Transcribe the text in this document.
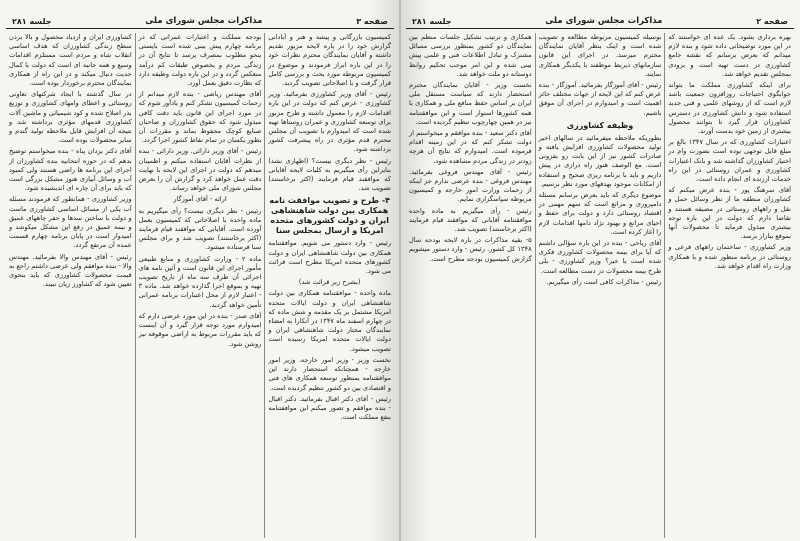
صفحه ۳
مذاکرات مجلس شورای ملی
جلسه ۲۸۱

کمیسیون بازرگانی و پیشه و هنر و آبادانی گزارش خود را در باره لایحه مزبور تقدیم داشته و آقایان نمایندگان محترم نظرات خود را در این باره ابراز فرمودند و موضوع در کمیسیون مربوطه مورد بحث و بررسی کامل قرار گرفت و با اصلاحاتی تصویب گردید.

رئیس - آقای وزیر کشاورزی بفرمائید. وزیر کشاورزی - عرض کنم که دولت در این باره اقدامات لازم را معمول داشته و طرح مزبور برای توسعه کشاورزی و عمران روستاها تهیه شده است که امیدوارم با تصویب آن مجلس محترم قدم مؤثری در راه پیشرفت کشور برداشته شود.

رئیس - نظر دیگری نیست؟ (اظهاری نشد) بنابراین رأی میگیریم به کلیات لایحه آقایانی که موافقند قیام فرمایند (اکثر برخاستند) تصویب شد.

۴- طرح و تصویب موافقت نامه همکاری بین دولت شاهنشاهی ایران و دولت کشورهای متحده امریکا و ارسال بمجلس سنا

رئیس - وارد دستور می شویم. موافقتنامه همکاری بین دولت شاهنشاهی ایران و دولت کشورهای متحده امریکا مطرح است قرائت می شود.

(بشرح زیر قرائت شد)

ماده واحده - موافقتنامه همکاری بین دولت شاهنشاهی ایران و دولت ایالات متحده امریکا مشتمل بر یک مقدمه و شش ماده که در چهارم اسفند ماه ۱۳۴۷ در آنکارا به امضاء نمایندگان مختار دولت شاهنشاهی ایران و دولت ایالات متحده امریکا رسیده است تصویب میشود.

نخست وزیر - وزیر امور خارجه. وزیر امور خارجه - همچنانکه استحضار دارند این موافقتنامه بمنظور توسعه همکاری های فنی و اقتصادی بین دو کشور تنظیم گردیده است.

رئیس - آقای دکتر اقبال بفرمائید. دکتر اقبال - بنده موافقم و تصور میکنم این موافقتنامه بنفع مملکت است.

بودجه مملکت و اعتبارات عمرانی که در برنامه چهارم پیش بینی شده است بایستی بنحو مطلوب بمصرف برسد تا نتایج آن در زندگی مردم و بخصوص طبقات کم درآمد منعکس گردد و در این باره دولت وظیفه دارد که نظارت دقیق بعمل آورد.

آقای مهندس ریاضی - بنده لازم میدانم از زحمات کمیسیون تشکر کنم و یادآور شوم که در مورد اجرای این قانون باید دقت کافی مبذول شود که حقوق کشاورزان و صاحبان صنایع کوچک محفوظ بماند و مقررات آن بطور یکسان در تمام نقاط کشور اجرا گردد.

رئیس - آقای وزیر دارائی. وزیر دارائی - بنده از نظرات آقایان استفاده میکنم و اطمینان میدهم که دولت در اجرای این لایحه با نهایت دقت عمل خواهد کرد و گزارش آن را بعرض مجلس شورای ملی خواهد رساند.

ارائه - آقای آموزگار

رئیس - نظر دیگری نیست؟ رأی میگیریم به ماده واحده با اصلاحاتی که کمیسیون بعمل آورده است. آقایانی که موافقند قیام فرمایند (اکثر برخاستند) تصویب شد و برای مجلس سنا فرستاده میشود.

ماده ۲ - وزارت کشاورزی و منابع طبیعی مأمور اجرای این قانون است و آئین نامه های اجرائی آن ظرف سه ماه از تاریخ تصویب تهیه و بموقع اجرا گذارده خواهد شد. ماده ۳ - اعتبار لازم از محل اعتبارات برنامه عمرانی تأمین خواهد گردید.

آقای صدر - بنده در این مورد عرضی دارم که امیدوارم مورد توجه قرار گیرد و آن اینست که باید مقررات مربوط به اراضی موقوفه نیز روشن شود.

کشاورزی ایران و ازدیاد محصول و بالا بردن سطح زندگی کشاورزان که هدف اساسی انقلاب شاه و مردم است مستلزم اقدامات وسیع و همه جانبه ای است که دولت با کمال جدیت دنبال میکند و در این راه از همکاری نمایندگان محترم برخوردار بوده است.

در سال گذشته با ایجاد شرکتهای تعاونی روستائی و اعطای وامهای کشاورزی و توزیع بذر اصلاح شده و کود شیمیائی و ماشین آلات کشاورزی قدمهای مؤثری برداشته شد و نتیجه آن افزایش قابل ملاحظه تولید گندم و سایر محصولات بوده است.

آقای دکتر یزدان پناه - بنده میخواستم توضیح بدهم که در حوزه انتخابیه بنده کشاورزان از اجرای این برنامه ها راضی هستند ولی کمبود آب و وسائل آبیاری هنوز مشکل بزرگی است که باید برای آن چاره ای اندیشیده شود.

وزیر کشاورزی - همانطور که فرمودند مسئله آب یکی از مسائل اساسی کشاورزی ماست و دولت با ساختن سدها و حفر چاههای عمیق و نیمه عمیق در رفع این مشکل میکوشد و امیدوار است در پایان برنامه چهارم قسمت عمده آن مرتفع گردد.

رئیس - آقای مهندس والا بفرمائید. مهندس والا - بنده موافقم ولی عرضی داشتم راجع به قیمت محصولات کشاورزی که باید بنحوی تعیین شود که کشاورز زیان نبیند.

صفحه ۲
مذاکرات مجلس شورای ملی
جلسه ۲۸۱

بهره برداری بشود. یک عده ای خواستند که در این مورد توضیحاتی داده شود و بنده لازم میدانم که بعرض برسانم که نقشه جامع کشاورزی در دست تهیه است و بزودی بمجلس تقدیم خواهد شد.

برای اینکه کشاورزی مملکت ما بتواند جوابگوی احتیاجات روزافزون جمعیت باشد لازم است که از روشهای علمی و فنی جدید استفاده شود و دانش کشاورزی در دسترس کشاورزان قرار گیرد تا بتوانند محصول بیشتری از زمین خود بدست آورند.

اعتبارات کشاورزی که در سال ۱۳۴۷ بالغ بر مبلغ قابل توجهی بوده است بصورت وام در اختیار کشاورزان گذاشته شد و بانک اعتبارات کشاورزی و عمران روستائی در این راه خدمات ارزنده ای انجام داده است.

آقای سرهنگ پور - بنده عرض میکنم که کشاورزان منطقه ما از نظر وسائل حمل و نقل و راههای روستائی در مضیقه هستند و تقاضا دارم که دولت در این باره توجه بیشتری مبذول فرماید تا محصولات آنها بموقع ببازار برسد.

وزیر کشاورزی - ساختمان راههای فرعی و روستائی در برنامه منظور شده و با همکاری وزارت راه اقدام خواهد شد.

بوسیله کمیسیون مربوطه مطالعه و تصویب شده است و اینک بنظر آقایان نمایندگان محترم میرسد. در اجرای این قانون سازمانهای ذیربط موظفند با یکدیگر همکاری نمایند.

رئیس - آقای آموزگار بفرمائید. آموزگار - بنده عرض کنم که این لایحه از جهات مختلف حائز اهمیت است و امیدوارم در اجرای آن موفق باشیم.

وظیفه کشاورزی

بطوریکه ملاحظه میفرمائید در سالهای اخیر تولید محصولات کشاورزی افزایش یافته و صادرات کشور نیز از این بابت رو بفزونی است. مع الوصف هنوز راه درازی در پیش داریم و باید با برنامه ریزی صحیح و استفاده از امکانات موجود بهدفهای مورد نظر برسیم.

موضوع دیگری که باید بعرض برسانم مسئله دامپروری و مراتع است که سهم مهمی در اقتصاد روستائی دارد و دولت برای حفظ و احیای مراتع و بهبود نژاد دامها اقدامات لازم را آغاز کرده است.

آقای ریاحی - بنده در این باره سؤالی داشتم که آیا برای بیمه محصولات کشاورزی فکری شده است یا خیر؟ وزیر کشاورزی - بلی طرح بیمه محصولات در دست مطالعه است.

رئیس - مذاکرات کافی است رأی میگیریم.

همکاری و ترتیب تشکیل جلسات منظم بین نمایندگان دو کشور بمنظور بررسی مسائل مشترک و تبادل اطلاعات فنی و علمی پیش بینی شده و این امر موجب تحکیم روابط دوستانه دو ملت خواهد شد.

نخست وزیر - آقایان نمایندگان محترم استحضار دارند که سیاست مستقل ملی ایران بر اساس حفظ منافع ملی و همکاری با همه کشورها استوار است و این موافقتنامه نیز در همین چهارچوب تنظیم گردیده است.

آقای دکتر سعید - بنده موافقم و میخواستم از دولت تشکر کنم که در این زمینه اقدام فرموده است. امیدوارم که نتایج آن هرچه زودتر در زندگی مردم مشاهده شود.

رئیس - آقای مهندس فروغی بفرمائید. مهندس فروغی - بنده عرضی ندارم جز اینکه از زحمات وزارت امور خارجه و کمیسیون مربوطه سپاسگزاری نمایم.

رئیس - رأی میگیریم به ماده واحده موافقتنامه آقایانی که موافقند قیام فرمایند (اکثر برخاستند) تصویب شد.

۵- بقیه مذاکرات در باره لایحه بودجه سال ۱۳۴۸ کل کشور. رئیس - وارد دستور میشویم گزارش کمیسیون بودجه مطرح است.
